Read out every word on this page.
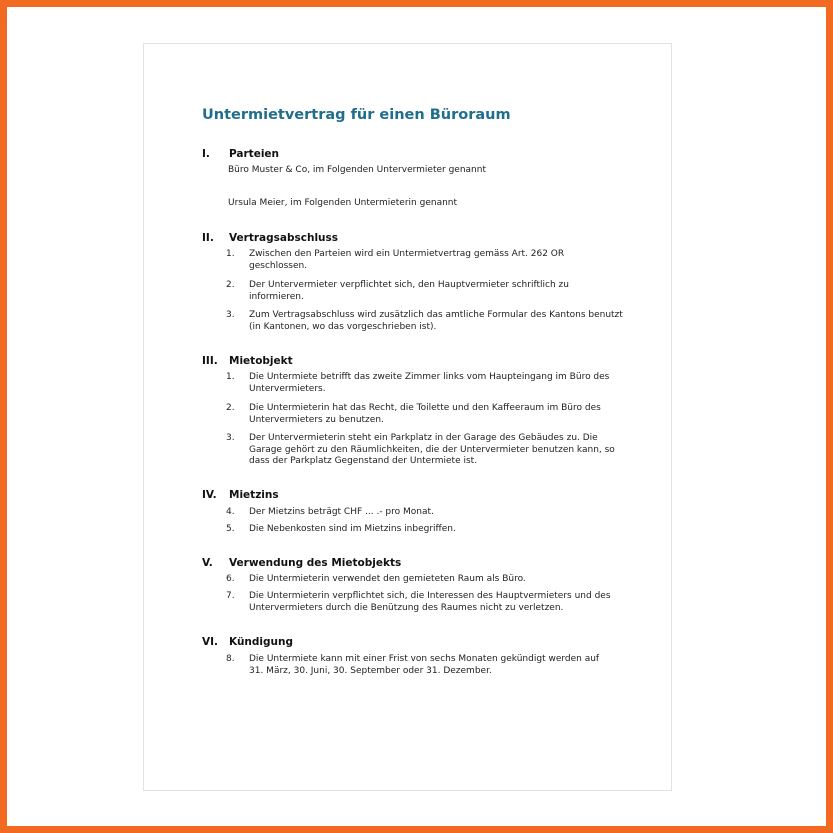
Untermietvertrag für einen Büroraum
I. Parteien
Büro Muster & Co, im Folgenden Untervermieter genannt
Ursula Meier, im Folgenden Untermieterin genannt
II. Vertragsabschluss
1.	Zwischen den Parteien wird ein Untermietvertrag gemäss Art. 262 OR
geschlossen.
2.	Der Untervermieter verpflichtet sich, den Hauptvermieter schriftlich zu
informieren.
3.	Zum Vertragsabschluss wird zusätzlich das amtliche Formular des Kantons benutzt
(in Kantonen, wo das vorgeschrieben ist).
III. Mietobjekt
1.	Die Untermiete betrifft das zweite Zimmer links vom Haupteingang im Büro des
Untervermieters.
2.	Die Untermieterin hat das Recht, die Toilette und den Kaffeeraum im Büro des
Untervermieters zu benutzen.
3.	Der Untervermieterin steht ein Parkplatz in der Garage des Gebäudes zu. Die
Garage gehört zu den Räumlichkeiten, die der Untervermieter benutzen kann, so
dass der Parkplatz Gegenstand der Untermiete ist.
IV. Mietzins
4.	Der Mietzins beträgt CHF ... .- pro Monat.
5.	Die Nebenkosten sind im Mietzins inbegriffen.
V. Verwendung des Mietobjekts
6.	Die Untermieterin verwendet den gemieteten Raum als Büro.
7.	Die Untermieterin verpflichtet sich, die Interessen des Hauptvermieters und des
Untervermieters durch die Benützung des Raumes nicht zu verletzen.
VI. Kündigung
8.	Die Untermiete kann mit einer Frist von sechs Monaten gekündigt werden auf
31. März, 30. Juni, 30. September oder 31. Dezember.
